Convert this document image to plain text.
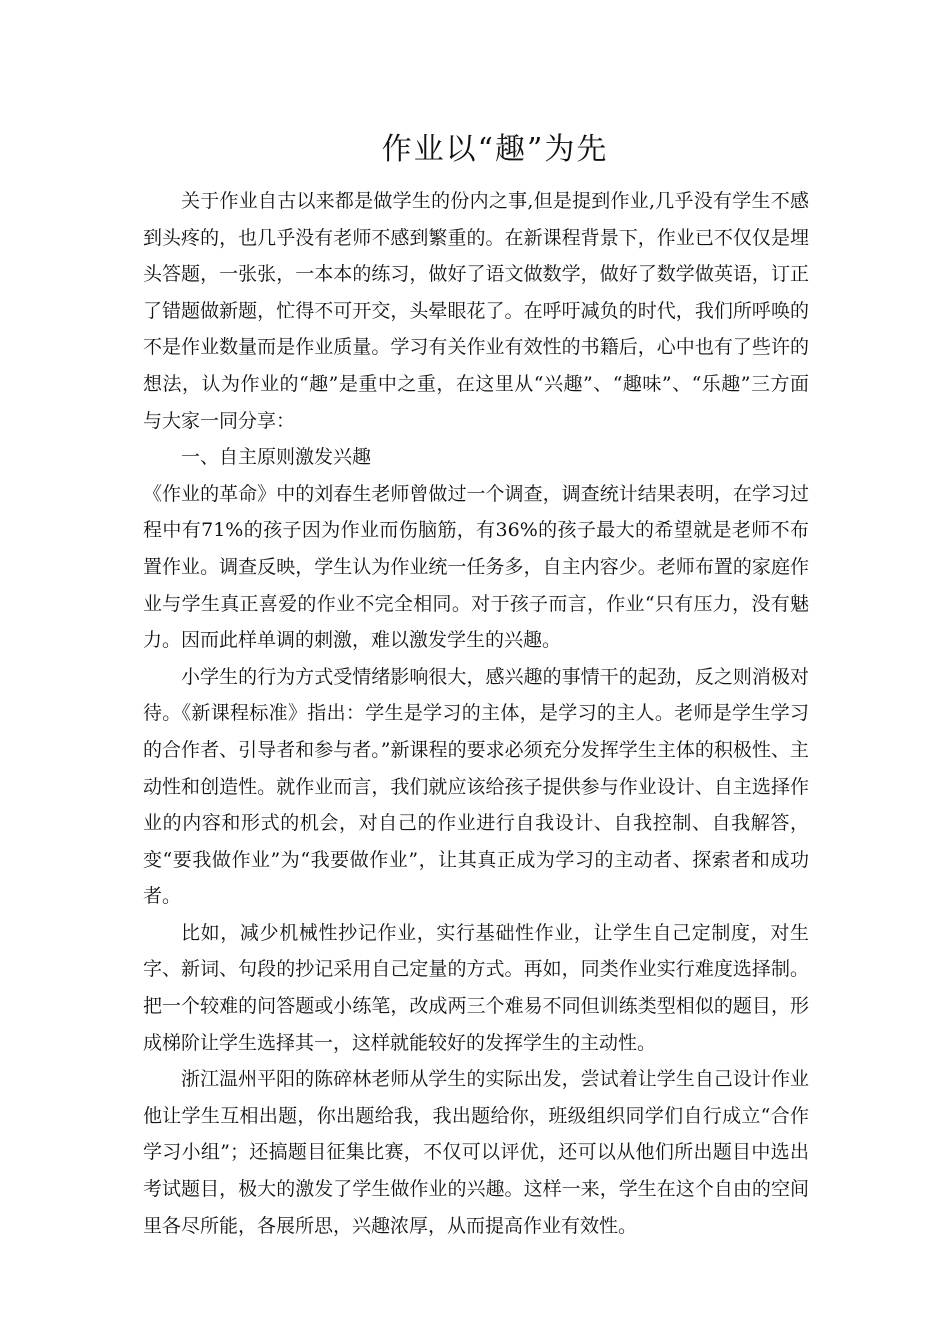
作业以“趣”为先

关于作业自古以来都是做学生的份内之事,但是提到作业,几乎没有学生不感到头疼的，也几乎没有老师不感到繁重的。在新课程背景下，作业已不仅仅是埋头答题，一张张，一本本的练习，做好了语文做数学，做好了数学做英语，订正了错题做新题，忙得不可开交，头晕眼花了。在呼吁减负的时代，我们所呼唤的不是作业数量而是作业质量。学习有关作业有效性的书籍后，心中也有了些许的想法，认为作业的“趣”是重中之重，在这里从“兴趣”、“趣味”、“乐趣”三方面与大家一同分享：

一、自主原则激发兴趣

《作业的革命》中的刘春生老师曾做过一个调查，调查统计结果表明，在学习过程中有71%的孩子因为作业而伤脑筋，有36%的孩子最大的希望就是老师不布置作业。调查反映，学生认为作业统一任务多，自主内容少。老师布置的家庭作业与学生真正喜爱的作业不完全相同。对于孩子而言，作业“只有压力，没有魅力。因而此样单调的刺激，难以激发学生的兴趣。

小学生的行为方式受情绪影响很大，感兴趣的事情干的起劲，反之则消极对待。《新课程标准》指出：学生是学习的主体，是学习的主人。老师是学生学习的合作者、引导者和参与者。”新课程的要求必须充分发挥学生主体的积极性、主动性和创造性。就作业而言，我们就应该给孩子提供参与作业设计、自主选择作业的内容和形式的机会，对自己的作业进行自我设计、自我控制、自我解答，变“要我做作业”为“我要做作业”，让其真正成为学习的主动者、探索者和成功者。

比如，减少机械性抄记作业，实行基础性作业，让学生自己定制度，对生字、新词、句段的抄记采用自己定量的方式。再如，同类作业实行难度选择制。把一个较难的问答题或小练笔，改成两三个难易不同但训练类型相似的题目，形成梯阶让学生选择其一，这样就能较好的发挥学生的主动性。

浙江温州平阳的陈碎林老师从学生的实际出发，尝试着让学生自己设计作业他让学生互相出题，你出题给我，我出题给你，班级组织同学们自行成立“合作学习小组”；还搞题目征集比赛，不仅可以评优，还可以从他们所出题目中选出考试题目，极大的激发了学生做作业的兴趣。这样一来，学生在这个自由的空间里各尽所能，各展所思，兴趣浓厚，从而提高作业有效性。
